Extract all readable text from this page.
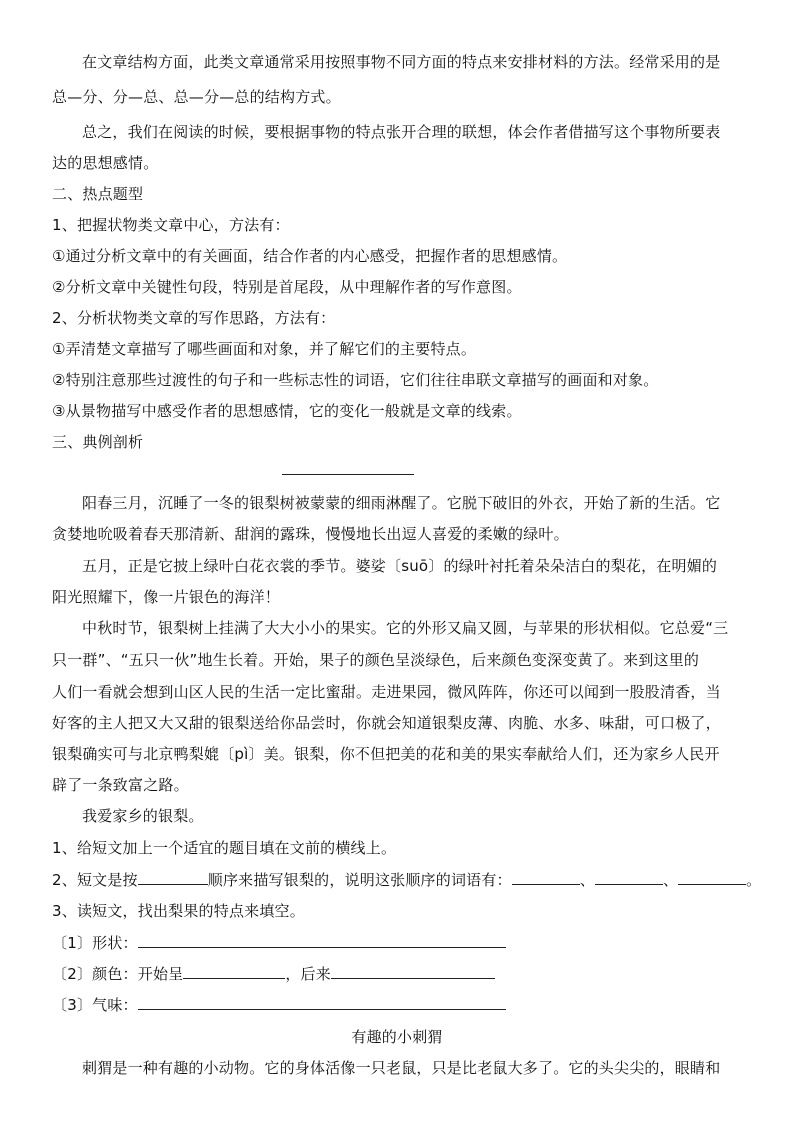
在文章结构方面，此类文章通常采用按照事物不同方面的特点来安排材料的方法。经常采用的是
总—分、分—总、总—分—总的结构方式。
总之，我们在阅读的时候，要根据事物的特点张开合理的联想，体会作者借描写这个事物所要表
达的思想感情。
二、热点题型
1、把握状物类文章中心，方法有：
①通过分析文章中的有关画面，结合作者的内心感受，把握作者的思想感情。
②分析文章中关键性句段，特别是首尾段，从中理解作者的写作意图。
2、分析状物类文章的写作思路，方法有：
①弄清楚文章描写了哪些画面和对象，并了解它们的主要特点。
②特别注意那些过渡性的句子和一些标志性的词语，它们往往串联文章描写的画面和对象。
③从景物描写中感受作者的思想感情，它的变化一般就是文章的线索。
三、典例剖析
阳春三月，沉睡了一冬的银梨树被蒙蒙的细雨淋醒了。它脱下破旧的外衣，开始了新的生活。它
贪婪地吮吸着春天那清新、甜润的露珠，慢慢地长出逗人喜爱的柔嫩的绿叶。
五月，正是它披上绿叶白花衣裳的季节。婆娑〔suō〕的绿叶衬托着朵朵洁白的梨花，在明媚的
阳光照耀下，像一片银色的海洋！
中秋时节，银梨树上挂满了大大小小的果实。它的外形又扁又圆，与苹果的形状相似。它总爱“三
只一群”、“五只一伙”地生长着。开始，果子的颜色呈淡绿色，后来颜色变深变黄了。来到这里的
人们一看就会想到山区人民的生活一定比蜜甜。走进果园，微风阵阵，你还可以闻到一股股清香，当
好客的主人把又大又甜的银梨送给你品尝时，你就会知道银梨皮薄、肉脆、水多、味甜，可口极了，
银梨确实可与北京鸭梨媲〔pì〕美。银梨，你不但把美的花和美的果实奉献给人们，还为家乡人民开
辟了一条致富之路。
我爱家乡的银梨。
1、给短文加上一个适宜的题目填在文前的横线上。
2、短文是按	顺序来描写银梨的，说明这张顺序的词语有：	、	、	。
3、读短文，找出梨果的特点来填空。
〔1〕形状：
〔2〕颜色：开始呈	，后来
〔3〕气味：
有趣的小刺猬
刺猬是一种有趣的小动物。它的身体活像一只老鼠，只是比老鼠大多了。它的头尖尖的，眼睛和
